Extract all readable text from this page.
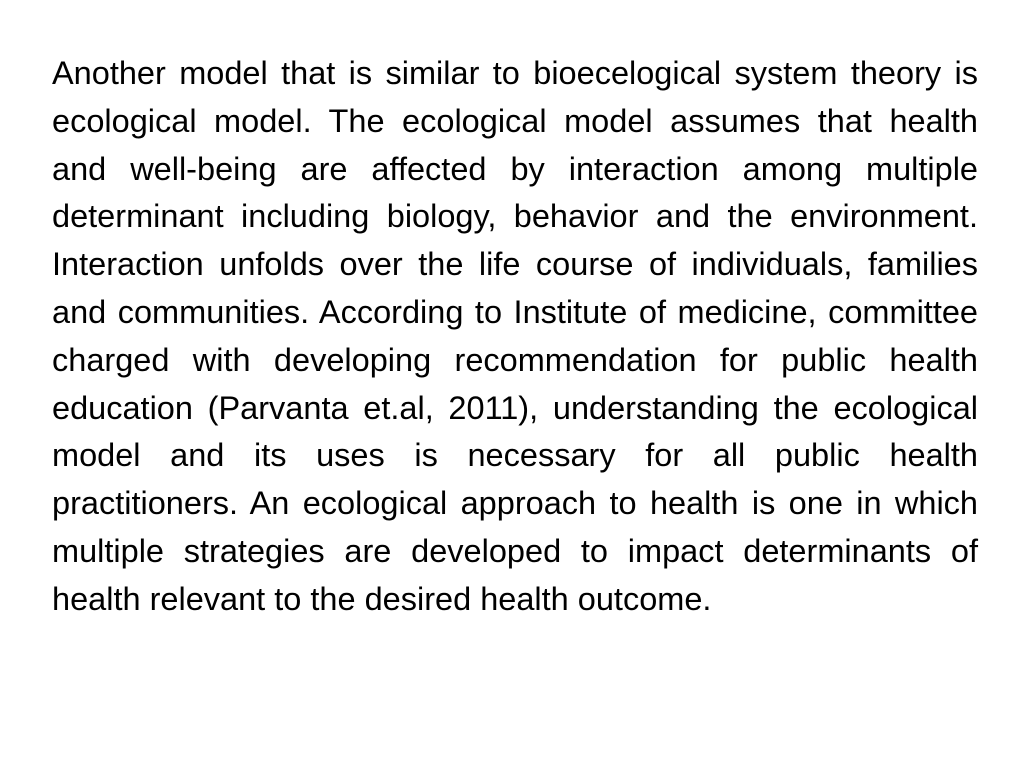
Another model that is similar to bioecelogical system theory is ecological model. The ecological model assumes that health and well-being are affected by interaction among multiple determinant including biology, behavior and the environment. Interaction unfolds over the life course of individuals, families and communities. According to Institute of medicine, committee charged with developing recommendation for public health education (Parvanta et.al, 2011), understanding the ecological model and its uses is necessary for all public health practitioners. An ecological approach to health is one in which multiple strategies are developed to impact determinants of health relevant to the desired health outcome.
